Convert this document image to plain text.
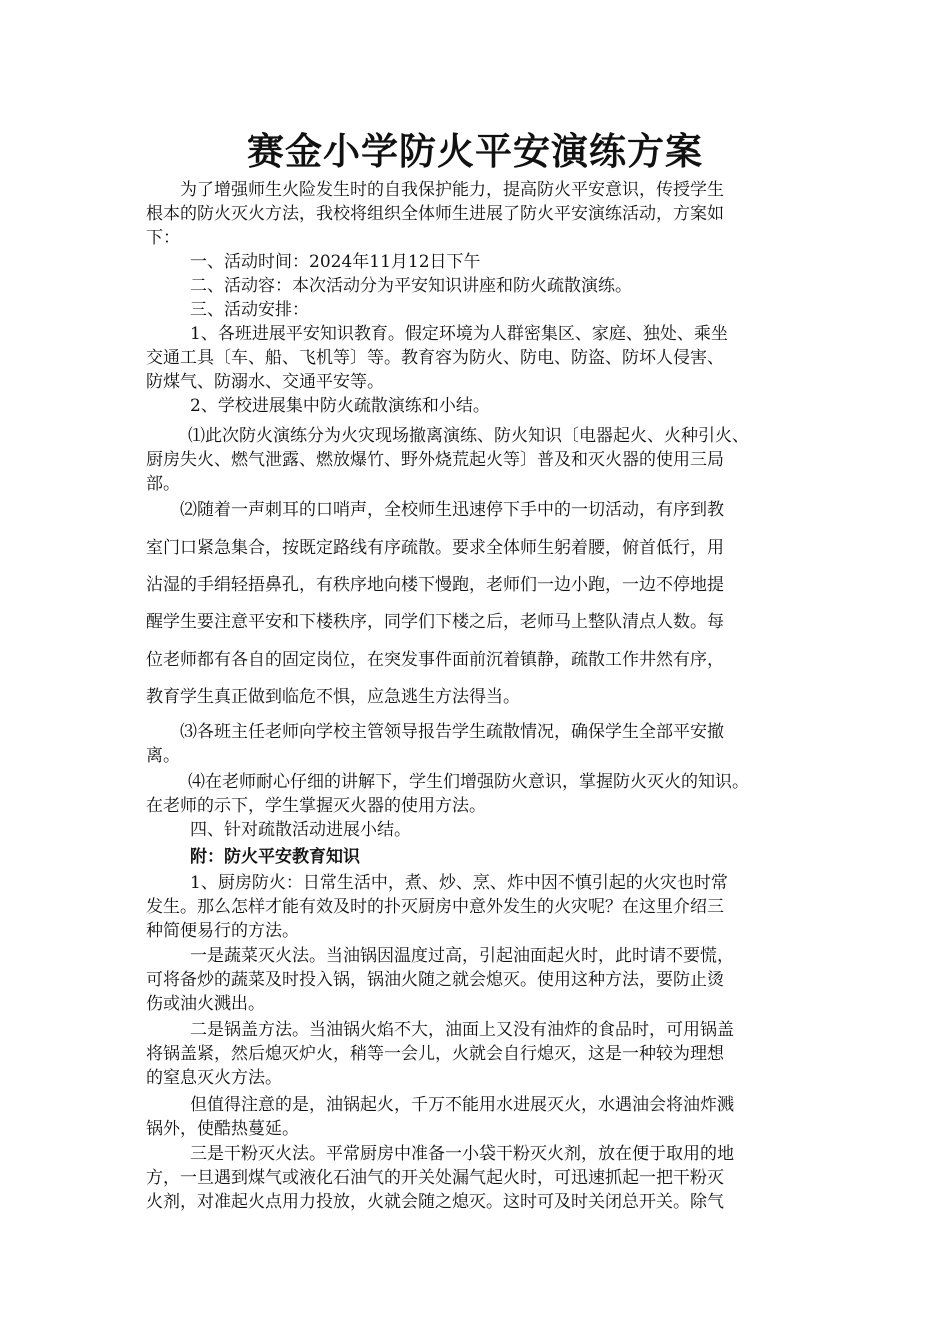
赛金小学防火平安演练方案
为了增强师生火险发生时的自我保护能力，提高防火平安意识，传授学生
根本的防火灭火方法，我校将组织全体师生进展了防火平安演练活动，方案如
下：
一、活动时间：2024年11月12日下午
二、活动容：本次活动分为平安知识讲座和防火疏散演练。
三、活动安排：
1、各班进展平安知识教育。假定环境为人群密集区、家庭、独处、乘坐
交通工具〔车、船、飞机等〕等。教育容为防火、防电、防盗、防坏人侵害、
防煤气、防溺水、交通平安等。
2、学校进展集中防火疏散演练和小结。
⑴此次防火演练分为火灾现场撤离演练、防火知识〔电器起火、火种引火、
厨房失火、燃气泄露、燃放爆竹、野外烧荒起火等〕普及和灭火器的使用三局
部。
⑵随着一声刺耳的口哨声，全校师生迅速停下手中的一切活动，有序到教
室门口紧急集合，按既定路线有序疏散。要求全体师生躬着腰，俯首低行，用
沾湿的手绢轻捂鼻孔，有秩序地向楼下慢跑，老师们一边小跑，一边不停地提
醒学生要注意平安和下楼秩序，同学们下楼之后，老师马上整队清点人数。每
位老师都有各自的固定岗位，在突发事件面前沉着镇静，疏散工作井然有序，
教育学生真正做到临危不惧，应急逃生方法得当。
⑶各班主任老师向学校主管领导报告学生疏散情况，确保学生全部平安撤
离。
⑷在老师耐心仔细的讲解下，学生们增强防火意识，掌握防火灭火的知识。
在老师的示下，学生掌握灭火器的使用方法。
四、针对疏散活动进展小结。
附：防火平安教育知识
1、厨房防火：日常生活中，煮、炒、烹、炸中因不慎引起的火灾也时常
发生。那么怎样才能有效及时的扑灭厨房中意外发生的火灾呢？在这里介绍三
种简便易行的方法。
一是蔬菜灭火法。当油锅因温度过高，引起油面起火时，此时请不要慌，
可将备炒的蔬菜及时投入锅，锅油火随之就会熄灭。使用这种方法，要防止烫
伤或油火溅出。
二是锅盖方法。当油锅火焰不大，油面上又没有油炸的食品时，可用锅盖
将锅盖紧，然后熄灭炉火，稍等一会儿，火就会自行熄灭，这是一种较为理想
的窒息灭火方法。
但值得注意的是，油锅起火，千万不能用水进展灭火，水遇油会将油炸溅
锅外，使酷热蔓延。
三是干粉灭火法。平常厨房中准备一小袋干粉灭火剂，放在便于取用的地
方，一旦遇到煤气或液化石油气的开关处漏气起火时，可迅速抓起一把干粉灭
火剂，对准起火点用力投放，火就会随之熄灭。这时可及时关闭总开关。除气
